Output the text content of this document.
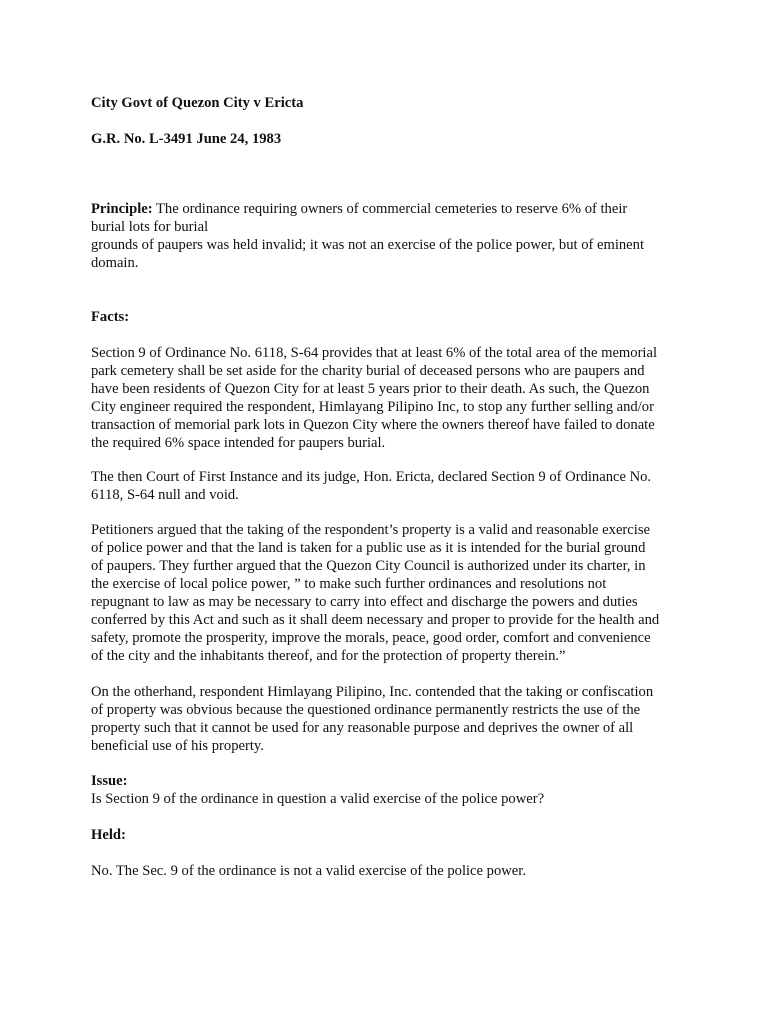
City Govt of Quezon City v Ericta

G.R. No. L-3491 June 24, 1983

Principle: The ordinance requiring owners of commercial cemeteries to reserve 6% of their
burial lots for burial
grounds of paupers was held invalid; it was not an exercise of the police power, but of eminent
domain.

Facts:

Section 9 of Ordinance No. 6118, S-64 provides that at least 6% of the total area of the memorial
park cemetery shall be set aside for the charity burial of deceased persons who are paupers and
have been residents of Quezon City for at least 5 years prior to their death. As such, the Quezon
City engineer required the respondent, Himlayang Pilipino Inc, to stop any further selling and/or
transaction of memorial park lots in Quezon City where the owners thereof have failed to donate
the required 6% space intended for paupers burial.
The then Court of First Instance and its judge, Hon. Ericta, declared Section 9 of Ordinance No.
6118, S-64 null and void.
Petitioners argued that the taking of the respondent’s property is a valid and reasonable exercise
of police power and that the land is taken for a public use as it is intended for the burial ground
of paupers. They further argued that the Quezon City Council is authorized under its charter, in
the exercise of local police power, ” to make such further ordinances and resolutions not
repugnant to law as may be necessary to carry into effect and discharge the powers and duties
conferred by this Act and such as it shall deem necessary and proper to provide for the health and
safety, promote the prosperity, improve the morals, peace, good order, comfort and convenience
of the city and the inhabitants thereof, and for the protection of property therein.”
On the otherhand, respondent Himlayang Pilipino, Inc. contended that the taking or confiscation
of property was obvious because the questioned ordinance permanently restricts the use of the
property such that it cannot be used for any reasonable purpose and deprives the owner of all
beneficial use of his property.

Issue:

Is Section 9 of the ordinance in question a valid exercise of the police power?

Held:

No. The Sec. 9 of the ordinance is not a valid exercise of the police power.
